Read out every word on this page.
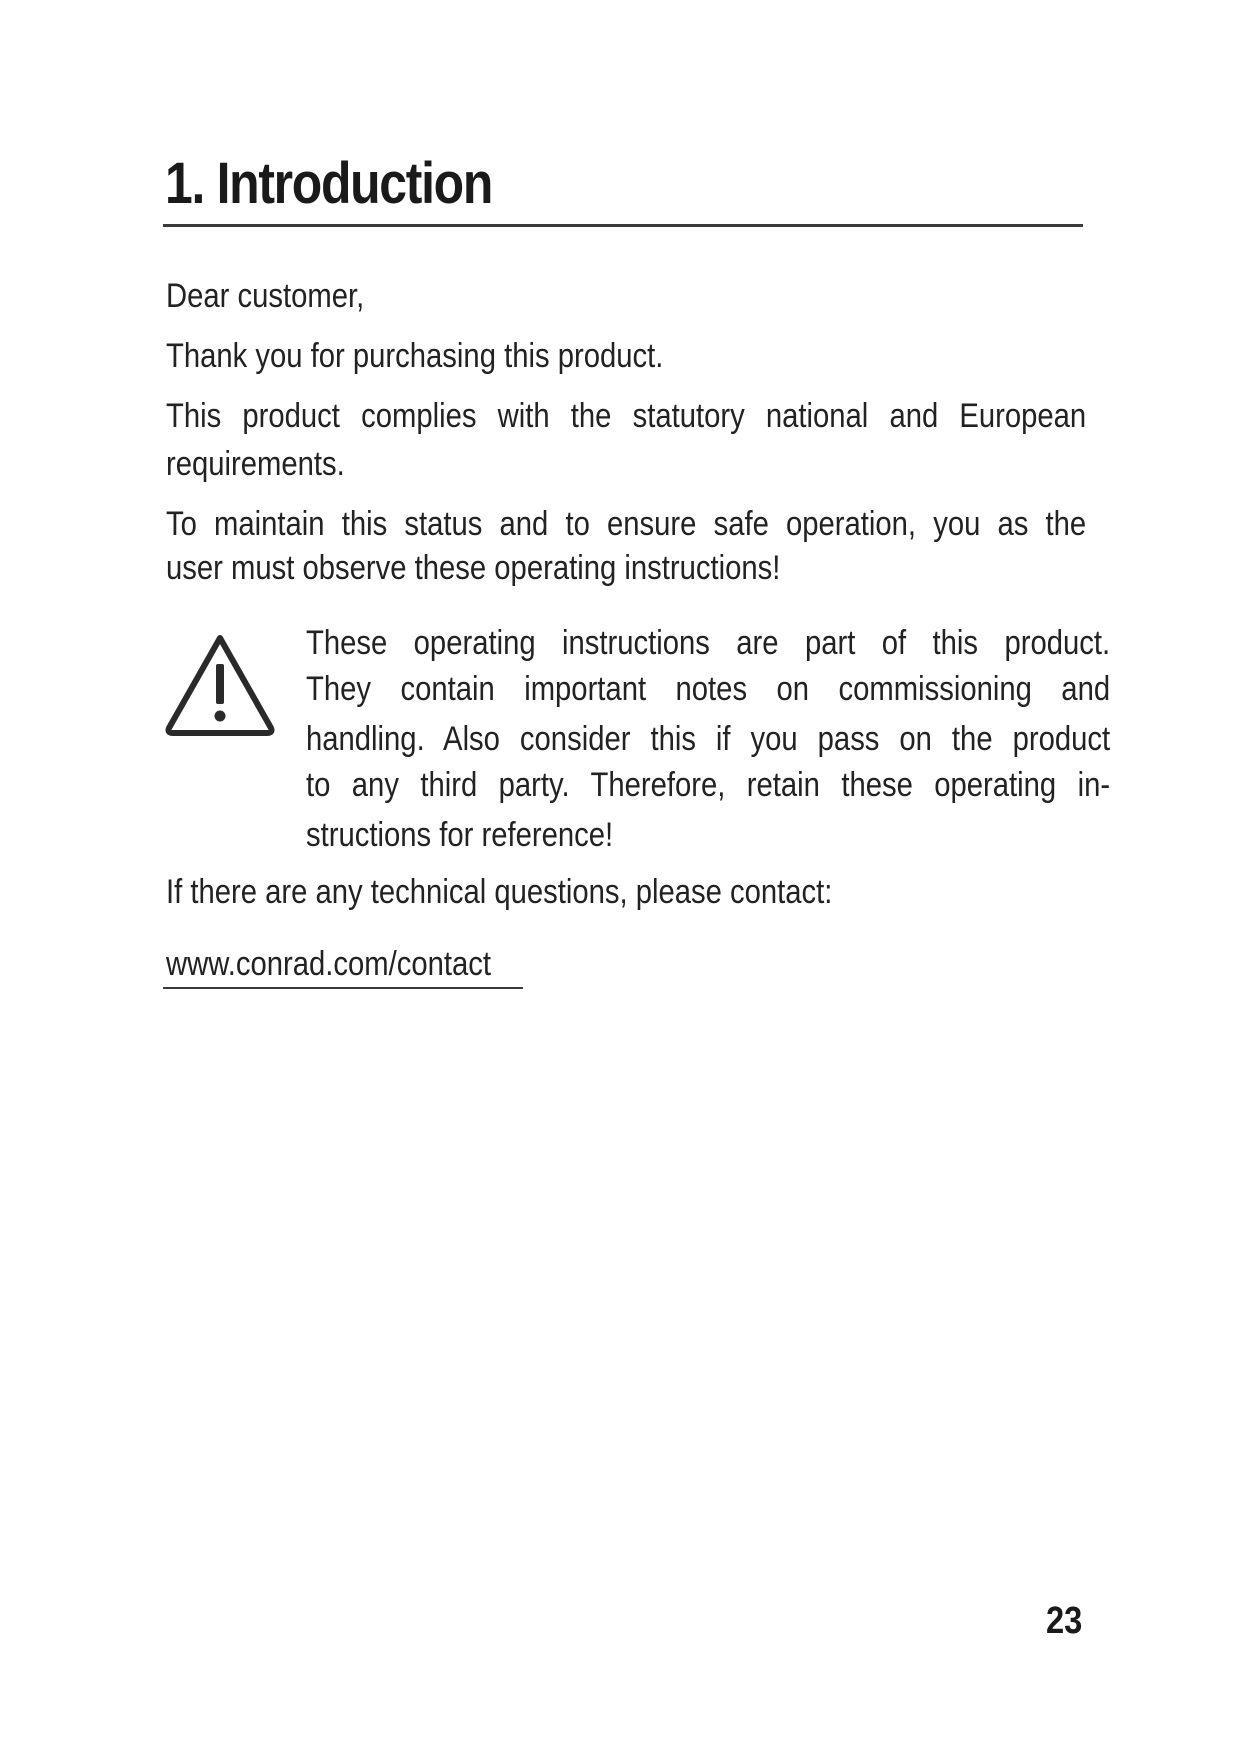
1. Introduction
Dear customer,
Thank you for purchasing this product.
This product complies with the statutory national and European
requirements.
To maintain this status and to ensure safe operation, you as the
user must observe these operating instructions!
These operating instructions are part of this product.
They contain important notes on commissioning and
handling. Also consider this if you pass on the product
to any third party. Therefore, retain these operating in-
structions for reference!
If there are any technical questions, please contact:
www.conrad.com/contact
23
